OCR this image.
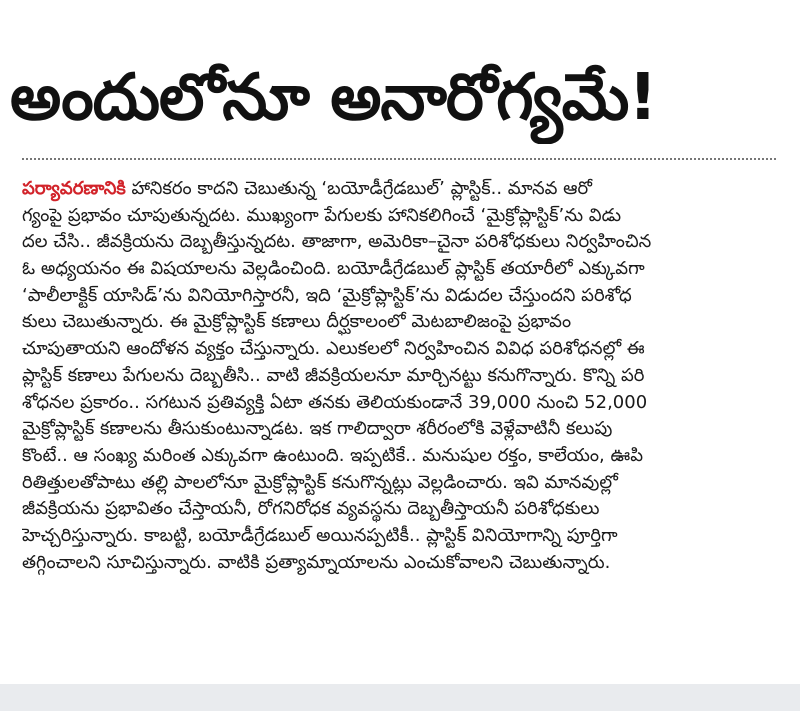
అందులోనూ అనారోగ్యమే!
పర్యావరణానికి హానికరం కాదని చెబుతున్న ‘బయోడీగ్రేడబుల్’ ప్లాస్టిక్.. మానవ ఆరో
గ్యంపై ప్రభావం చూపుతున్నదట. ముఖ్యంగా పేగులకు హానికలిగించే ‘మైక్రోప్లాస్టిక్’ను విడు
దల చేసి.. జీవక్రియను దెబ్బతీస్తున్నదట. తాజాగా, అమెరికా–చైనా పరిశోధకులు నిర్వహించిన
ఓ అధ్యయనం ఈ విషయాలను వెల్లడించింది. బయోడీగ్రేడబుల్ ప్లాస్టిక్ తయారీలో ఎక్కువగా
‘పాలీలాక్టిక్ యాసిడ్’ను వినియోగిస్తారనీ, ఇది ‘మైక్రోప్లాస్టిక్’ను విడుదల చేస్తుందని పరిశోధ
కులు చెబుతున్నారు. ఈ మైక్రోప్లాస్టిక్ కణాలు దీర్ఘకాలంలో మెటబాలిజంపై ప్రభావం
చూపుతాయని ఆందోళన వ్యక్తం చేస్తున్నారు. ఎలుకలలో నిర్వహించిన వివిధ పరిశోధనల్లో ఈ
ప్లాస్టిక్ కణాలు పేగులను దెబ్బతీసి.. వాటి జీవక్రియలనూ మార్చినట్టు కనుగొన్నారు. కొన్ని పరి
శోధనల ప్రకారం.. సగటున ప్రతివ్యక్తి ఏటా తనకు తెలియకుండానే 39,000 నుంచి 52,000
మైక్రోప్లాస్టిక్ కణాలను తీసుకుంటున్నాడట. ఇక గాలిద్వారా శరీరంలోకి వెళ్లేవాటినీ కలుపు
కొంటే.. ఆ సంఖ్య మరింత ఎక్కువగా ఉంటుంది. ఇప్పటికే.. మనుషుల రక్తం, కాలేయం, ఊపి
రితిత్తులతోపాటు తల్లి పాలలోనూ మైక్రోప్లాస్టిక్ కనుగొన్నట్లు వెల్లడించారు. ఇవి మానవుల్లో
జీవక్రియను ప్రభావితం చేస్తాయనీ, రోగనిరోధక వ్యవస్థను దెబ్బతీస్తాయనీ పరిశోధకులు
హెచ్చరిస్తున్నారు. కాబట్టి, బయోడీగ్రేడబుల్ అయినప్పటికీ.. ప్లాస్టిక్ వినియోగాన్ని పూర్తిగా
తగ్గించాలని సూచిస్తున్నారు. వాటికి ప్రత్యామ్నాయాలను ఎంచుకోవాలని చెబుతున్నారు.
